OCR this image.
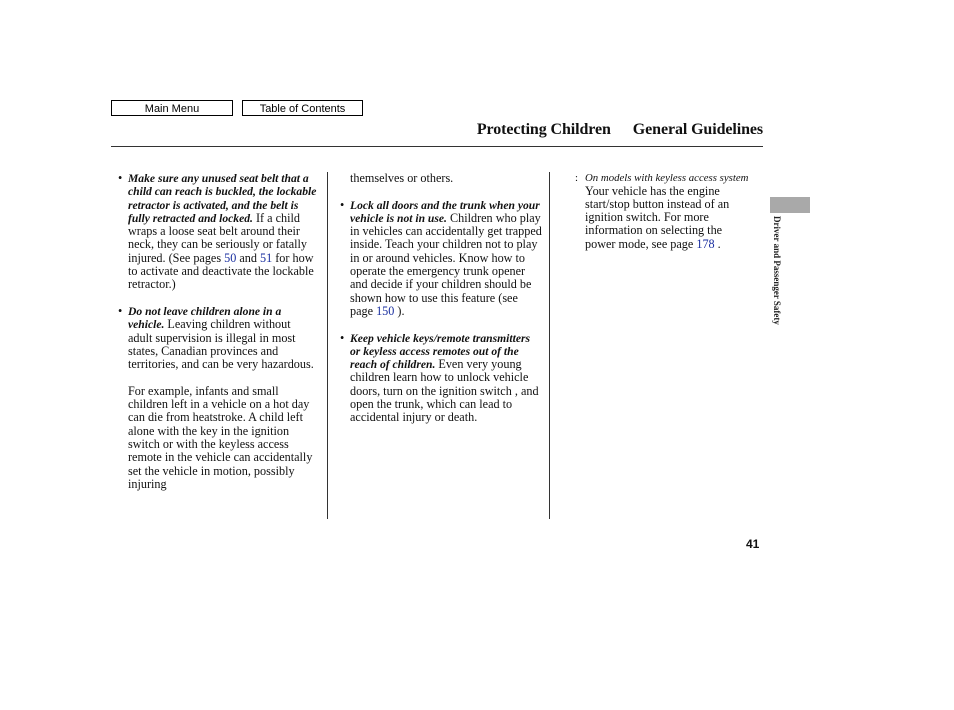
Main Menu	Table of Contents
Protecting Children General Guidelines

• Make sure any unused seat belt that a child can reach is buckled, the lockable retractor is activated, and the belt is fully retracted and locked. If a child wraps a loose seat belt around their neck, they can be seriously or fatally injured. (See pages 50 and 51 for how to activate and deactivate the lockable retractor.)

• Do not leave children alone in a vehicle. Leaving children without adult supervision is illegal in most states, Canadian provinces and territories, and can be very hazardous.

For example, infants and small children left in a vehicle on a hot day can die from heatstroke. A child left alone with the key in the ignition switch or with the keyless access remote in the vehicle can accidentally set the vehicle in motion, possibly injuring

themselves or others.

• Lock all doors and the trunk when your vehicle is not in use. Children who play in vehicles can accidentally get trapped inside. Teach your children not to play in or around vehicles. Know how to operate the emergency trunk opener and decide if your children should be shown how to use this feature (see page 150 ).

• Keep vehicle keys/remote transmitters or keyless access remotes out of the reach of children. Even very young children learn how to unlock vehicle doors, turn on the ignition switch , and open the trunk, which can lead to accidental injury or death.

: On models with keyless access system

Your vehicle has the engine start/stop button instead of an ignition switch. For more information on selecting the power mode, see page 178 .	Driver and Passenger Safety
41
